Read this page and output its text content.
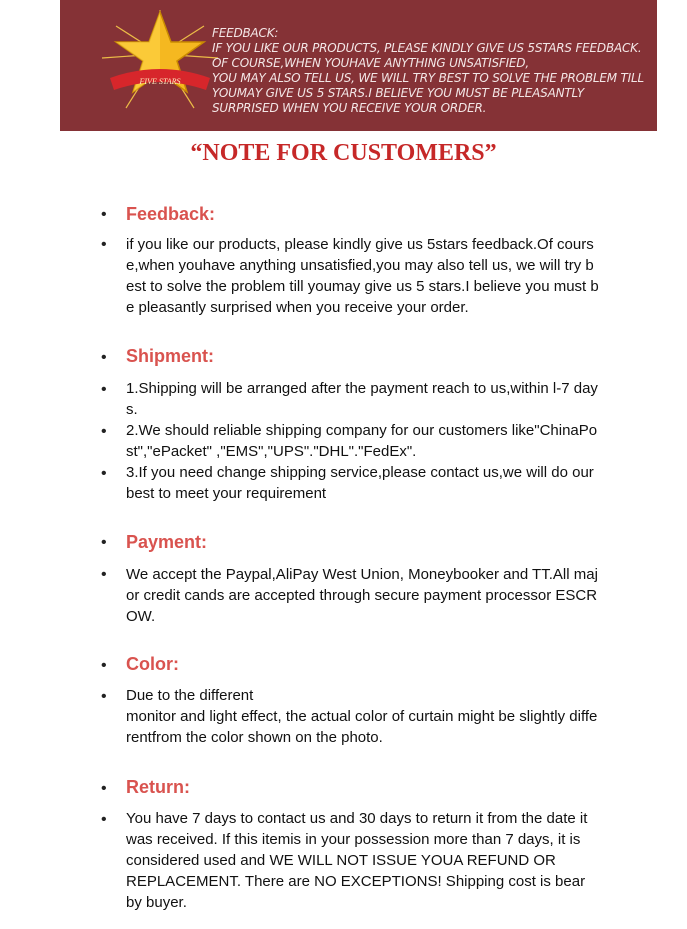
FIVE STARS
FEEDBACK:
IF YOU LIKE OUR PRODUCTS, PLEASE KINDLY GIVE US 5STARS FEEDBACK.
OF COURSE,WHEN YOUHAVE ANYTHING UNSATISFIED,
YOU MAY ALSO TELL US, WE WILL TRY BEST TO SOLVE THE PROBLEM TILL
YOUMAY GIVE US 5 STARS.I BELIEVE YOU MUST BE PLEASANTLY
SURPRISED WHEN YOU RECEIVE YOUR ORDER.
“NOTE FOR CUSTOMERS”
• Feedback:
• if you like our products, please kindly give us 5stars feedback.Of cours
e,when youhave anything unsatisfied,you may also tell us, we will try b
est to solve the problem till youmay give us 5 stars.I believe you must b
e pleasantly surprised when you receive your order.
• Shipment:
• 1.Shipping will be arranged after the payment reach to us,within l-7 day
s.
• 2.We should reliable shipping company for our customers like"ChinaPo
st","ePacket" ,"EMS","UPS"."DHL"."FedEx".
• 3.If you need change shipping service,please contact us,we will do our
best to meet your requirement
• Payment:
• We accept the Paypal,AliPay West Union, Moneybooker and TT.All maj
or credit cands are accepted through secure payment processor ESCR
OW.
• Color:
• Due to the different
monitor and light effect, the actual color of curtain might be slightly diffe
rentfrom the color shown on the photo.
• Return:
• You have 7 days to contact us and 30 days to return it from the date it
was received. If this itemis in your possession more than 7 days, it is
considered used and WE WILL NOT ISSUE YOUA REFUND OR
REPLACEMENT. There are NO EXCEPTIONS! Shipping cost is bear
by buyer.
